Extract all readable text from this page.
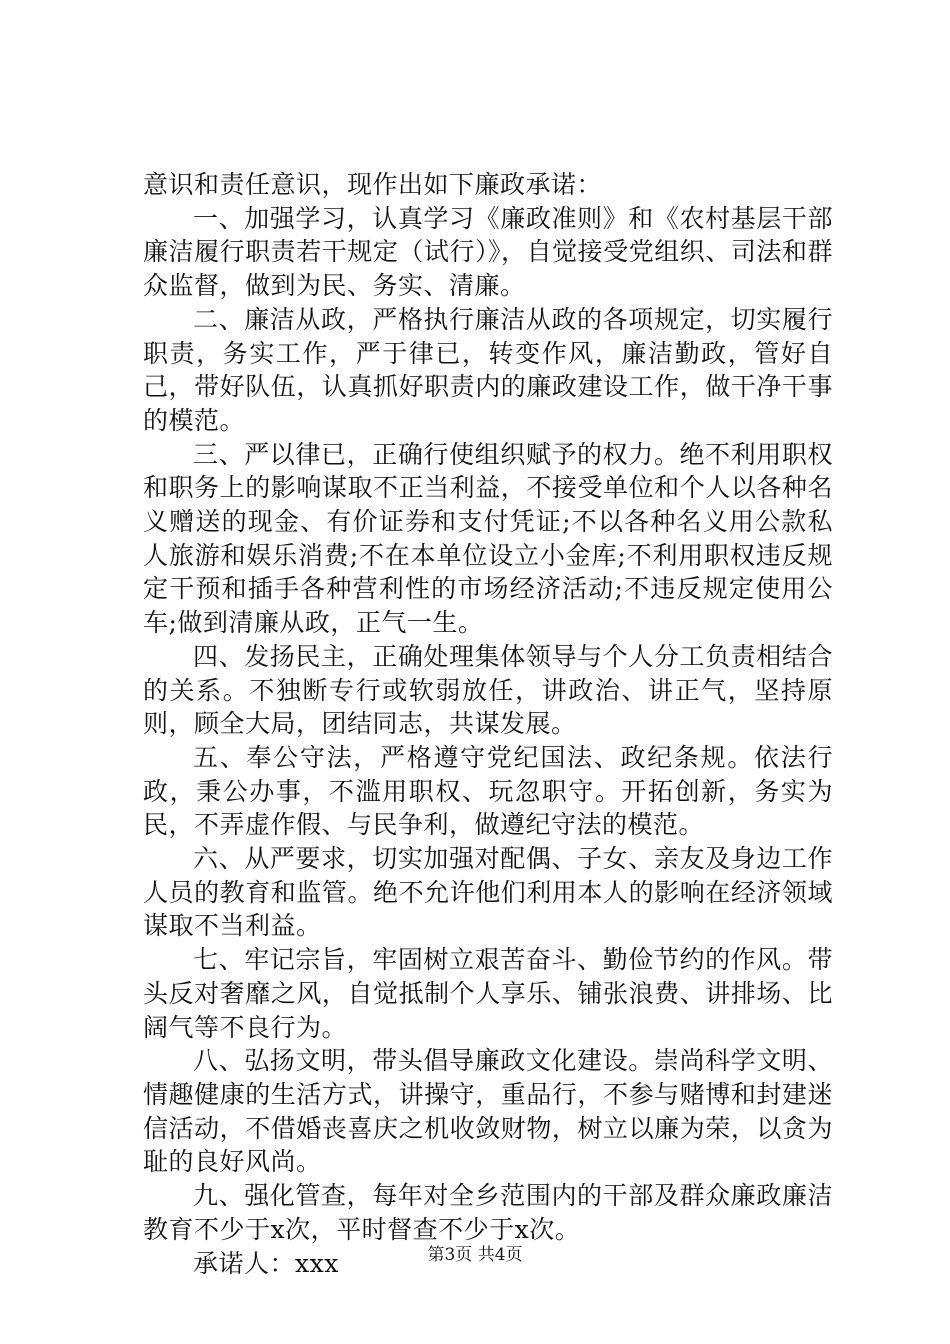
意识和责任意识，现作出如下廉政承诺：

一、加强学习，认真学习《廉政准则》和《农村基层干部廉洁履行职责若干规定（试行）》，自觉接受党组织、司法和群众监督，做到为民、务实、清廉。

二、廉洁从政，严格执行廉洁从政的各项规定，切实履行职责，务实工作，严于律已，转变作风，廉洁勤政，管好自己，带好队伍，认真抓好职责内的廉政建设工作，做干净干事的模范。

三、严以律已，正确行使组织赋予的权力。绝不利用职权和职务上的影响谋取不正当利益，不接受单位和个人以各种名义赠送的现金、有价证券和支付凭证;不以各种名义用公款私人旅游和娱乐消费;不在本单位设立小金库;不利用职权违反规定干预和插手各种营利性的市场经济活动;不违反规定使用公车;做到清廉从政，正气一生。

四、发扬民主，正确处理集体领导与个人分工负责相结合的关系。不独断专行或软弱放任，讲政治、讲正气，坚持原则，顾全大局，团结同志，共谋发展。

五、奉公守法，严格遵守党纪国法、政纪条规。依法行政，秉公办事，不滥用职权、玩忽职守。开拓创新，务实为民，不弄虚作假、与民争利，做遵纪守法的模范。

六、从严要求，切实加强对配偶、子女、亲友及身边工作人员的教育和监管。绝不允许他们利用本人的影响在经济领域谋取不当利益。

七、牢记宗旨，牢固树立艰苦奋斗、勤俭节约的作风。带头反对奢靡之风，自觉抵制个人享乐、铺张浪费、讲排场、比阔气等不良行为。

八、弘扬文明，带头倡导廉政文化建设。崇尚科学文明、情趣健康的生活方式，讲操守，重品行，不参与赌博和封建迷信活动，不借婚丧喜庆之机收敛财物，树立以廉为荣，以贪为耻的良好风尚。

九、强化管查，每年对全乡范围内的干部及群众廉政廉洁教育不少于x次，平时督查不少于x次。

承诺人：xxx	第3页 共4页
